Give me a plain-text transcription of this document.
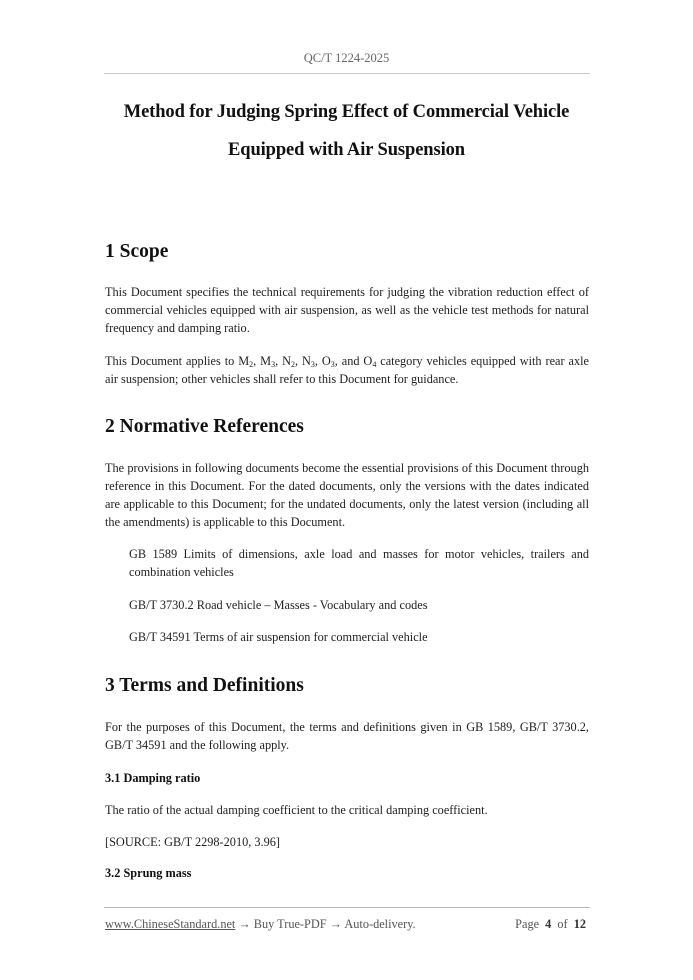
QC/T 1224-2025
Method for Judging Spring Effect of Commercial Vehicle
Equipped with Air Suspension
1 Scope

This Document specifies the technical requirements for judging the vibration reduction effect of commercial vehicles equipped with air suspension, as well as the vehicle test methods for natural frequency and damping ratio.

This Document applies to $M_2$, $M_3$, $N_2$, $N_3$, $O_3$, and $O_4$ category vehicles equipped with rear axle air suspension; other vehicles shall refer to this Document for guidance.

2 Normative References

The provisions in following documents become the essential provisions of this Document through reference in this Document. For the dated documents, only the versions with the dates indicated are applicable to this Document; for the undated documents, only the latest version (including all the amendments) is applicable to this Document.

GB 1589 Limits of dimensions, axle load and masses for motor vehicles, trailers and combination vehicles

GB/T 3730.2 Road vehicle – Masses - Vocabulary and codes

GB/T 34591 Terms of air suspension for commercial vehicle

3 Terms and Definitions

For the purposes of this Document, the terms and definitions given in GB 1589, GB/T 3730.2, GB/T 34591 and the following apply.

3.1 Damping ratio

The ratio of the actual damping coefficient to the critical damping coefficient.

[SOURCE: GB/T 2298-2010, 3.96]

3.2 Sprung mass

www.ChineseStandard.net → Buy True-PDF → Auto-delivery.	Page 4 of 12
